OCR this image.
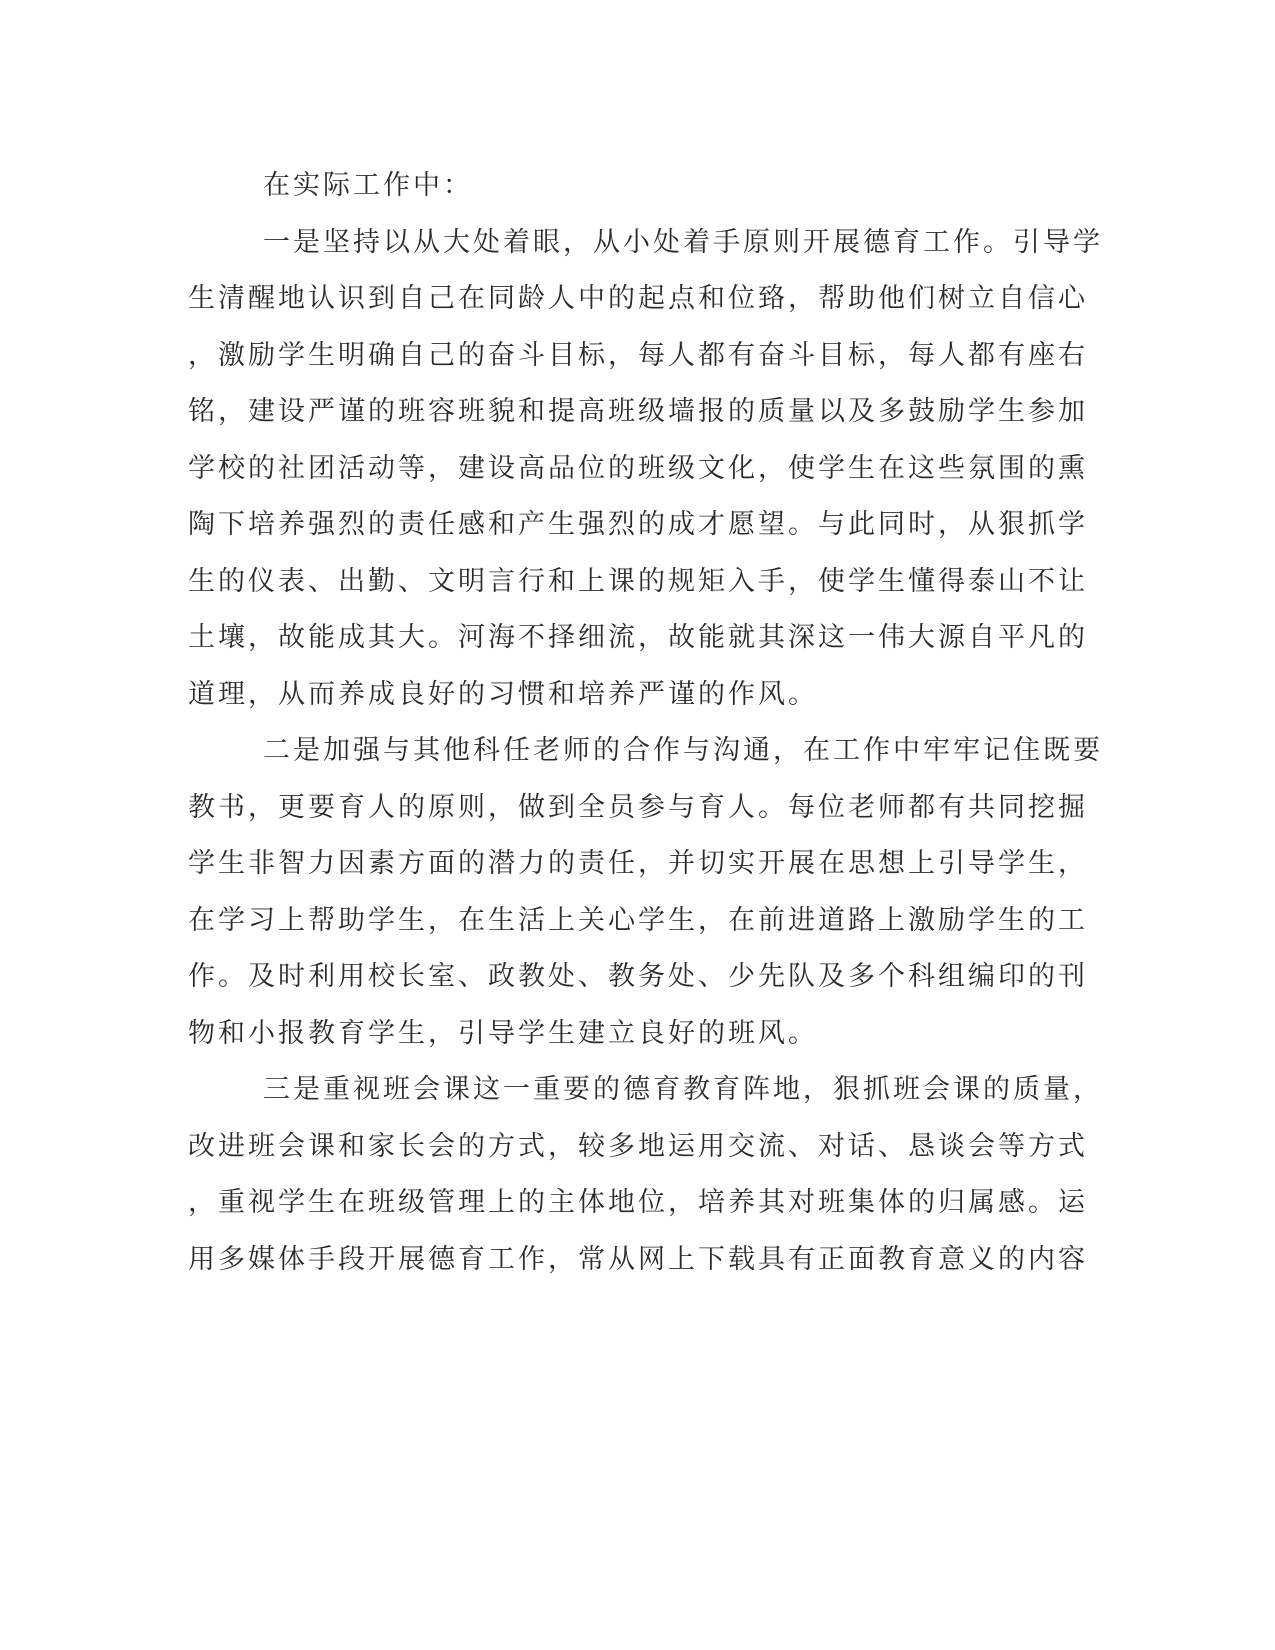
在实际工作中：
一是坚持以从大处着眼，从小处着手原则开展德育工作。引导学
生清醒地认识到自己在同龄人中的起点和位臵，帮助他们树立自信心
，激励学生明确自己的奋斗目标，每人都有奋斗目标，每人都有座右
铭，建设严谨的班容班貌和提高班级墙报的质量以及多鼓励学生参加
学校的社团活动等，建设高品位的班级文化，使学生在这些氛围的熏
陶下培养强烈的责任感和产生强烈的成才愿望。与此同时，从狠抓学
生的仪表、出勤、文明言行和上课的规矩入手，使学生懂得泰山不让
土壤，故能成其大。河海不择细流，故能就其深这一伟大源自平凡的
道理，从而养成良好的习惯和培养严谨的作风。
二是加强与其他科任老师的合作与沟通，在工作中牢牢记住既要
教书，更要育人的原则，做到全员参与育人。每位老师都有共同挖掘
学生非智力因素方面的潜力的责任，并切实开展在思想上引导学生，
在学习上帮助学生，在生活上关心学生，在前进道路上激励学生的工
作。及时利用校长室、政教处、教务处、少先队及多个科组编印的刊
物和小报教育学生，引导学生建立良好的班风。
三是重视班会课这一重要的德育教育阵地，狠抓班会课的质量，
改进班会课和家长会的方式，较多地运用交流、对话、恳谈会等方式
，重视学生在班级管理上的主体地位，培养其对班集体的归属感。运
用多媒体手段开展德育工作，常从网上下载具有正面教育意义的内容
